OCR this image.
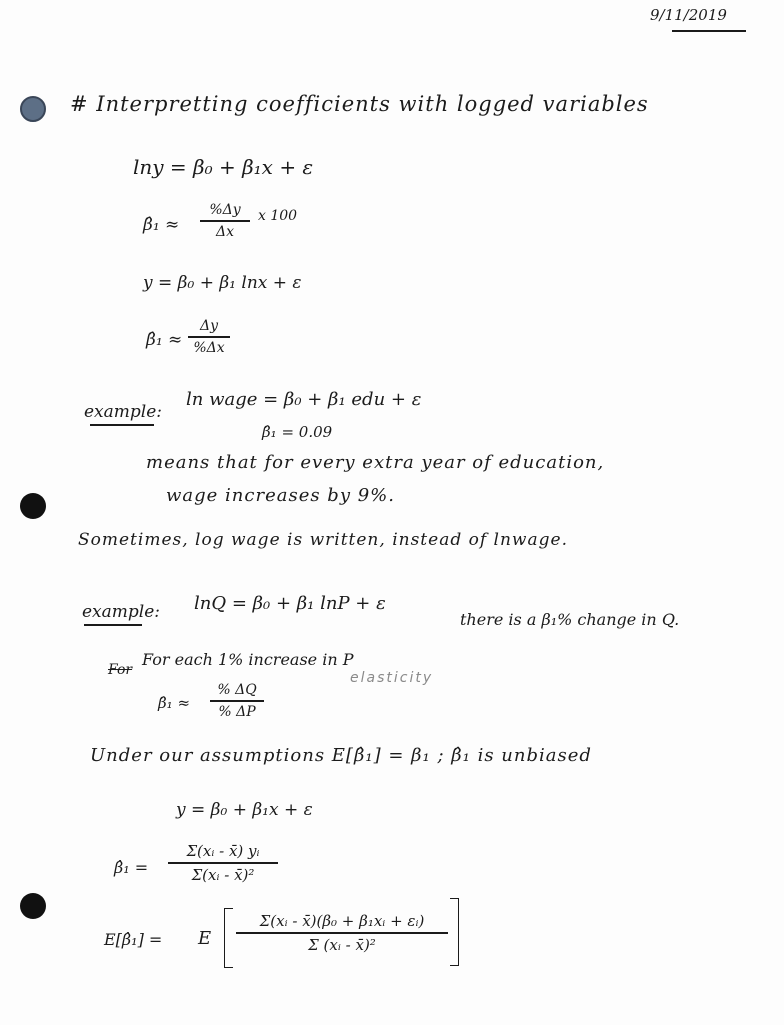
9/11/2019
# Interpretting coefficients with logged variables
lny = β₀ + β₁x + ε
β̂₁ ≈
%Δy
Δx
x 100
y = β₀ + β₁ lnx + ε
β̂₁ ≈
Δy
%Δx
example:
ln wage = β₀ + β₁ edu + ε
β̂₁ = 0.09
means that for every extra year of education,
wage increases by 9%.
Sometimes, log wage is written, instead of lnwage.
example: lnQ = β₀ + β₁ lnP + ε
there is a β₁% change in Q.
For
For each 1% increase in P
β̂₁ ≈
% ΔQ
% ΔP
elasticity
Under our assumptions E[β̂₁] = β₁ ; β̂₁ is unbiased
y = β₀ + β₁x + ε
β̂₁ =
Σ(xᵢ - x̄) yᵢ
Σ(xᵢ - x̄)²
E[β̂₁] = E
Σ(xᵢ - x̄)(β₀ + β₁xᵢ + εᵢ)
Σ (xᵢ - x̄)²
